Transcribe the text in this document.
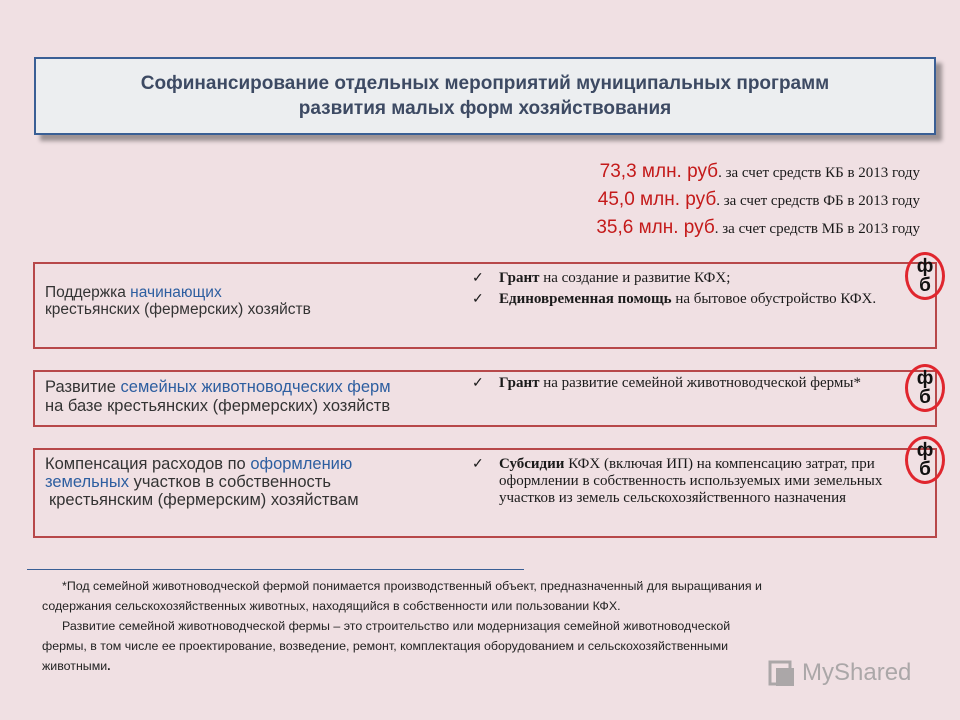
Софинансирование отдельных мероприятий муниципальных программ
развития малых форм хозяйствования
73,3 млн. руб. за счет средств КБ в 2013 году
45,0 млн. руб. за счет средств ФБ в 2013 году
35,6 млн. руб. за счет средств МБ в 2013 году
Поддержка начинающих
крестьянских (фермерских) хозяйств
✓ Грант на создание и развитие КФХ;
✓ Единовременная помощь на бытовое обустройство КФХ.
ф
б
Развитие семейных животноводческих ферм
на базе крестьянских (фермерских) хозяйств
✓ Грант на развитие семейной животноводческой фермы*	ф
б
Компенсация расходов по оформлению земельных участков в собственность
крестьянским (фермерским) хозяйствам
✓ Субсидии КФХ (включая ИП) на компенсацию затрат, при оформлении в собственность используемых ими земельных участков из земель сельскохозяйственного назначения
ф
б

*Под семейной животноводческой фермой понимается производственный объект, предназначенный для выращивания и содержания сельскохозяйственных животных, находящийся в собственности или пользовании КФХ.

Развитие семейной животноводческой фермы – это строительство или модернизация семейной животноводческой фермы, в том числе ее проектирование, возведение, ремонт, комплектация оборудованием и сельскохозяйственными животными.	MyShared
